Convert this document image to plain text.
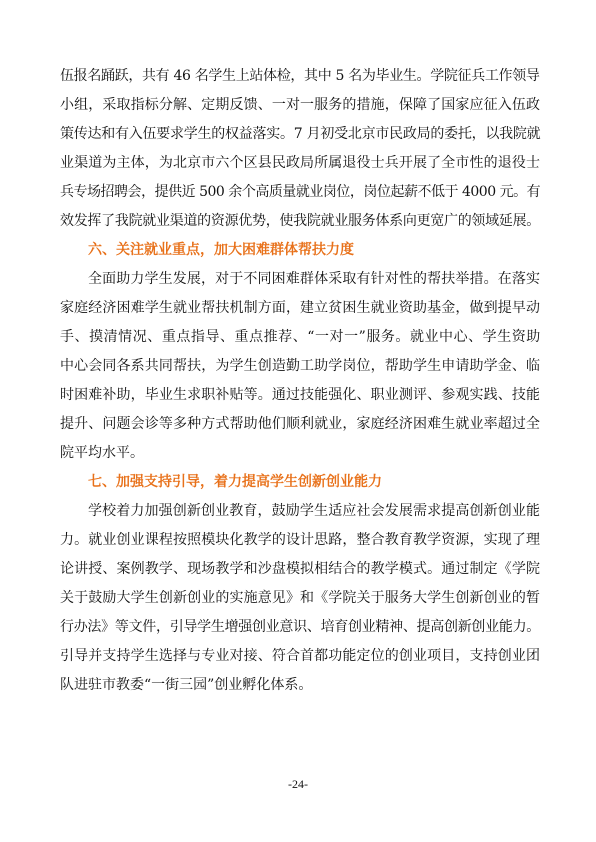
伍报名踊跃，共有 46 名学生上站体检，其中 5 名为毕业生。学院征兵工作领导
小组，采取指标分解、定期反馈、一对一服务的措施，保障了国家应征入伍政
策传达和有入伍要求学生的权益落实。7 月初受北京市民政局的委托，以我院就
业渠道为主体，为北京市六个区县民政局所属退役士兵开展了全市性的退役士
兵专场招聘会，提供近 500 余个高质量就业岗位，岗位起薪不低于 4000 元。有
效发挥了我院就业渠道的资源优势，使我院就业服务体系向更宽广的领域延展。

六、关注就业重点，加大困难群体帮扶力度

全面助力学生发展，对于不同困难群体采取有针对性的帮扶举措。在落实
家庭经济困难学生就业帮扶机制方面，建立贫困生就业资助基金，做到提早动
手、摸清情况、重点指导、重点推荐、“一对一”服务。就业中心、学生资助
中心会同各系共同帮扶，为学生创造勤工助学岗位，帮助学生申请助学金、临
时困难补助，毕业生求职补贴等。通过技能强化、职业测评、参观实践、技能
提升、问题会诊等多种方式帮助他们顺利就业，家庭经济困难生就业率超过全
院平均水平。

七、加强支持引导，着力提高学生创新创业能力

学校着力加强创新创业教育，鼓励学生适应社会发展需求提高创新创业能
力。就业创业课程按照模块化教学的设计思路，整合教育教学资源，实现了理
论讲授、案例教学、现场教学和沙盘模拟相结合的教学模式。通过制定《学院
关于鼓励大学生创新创业的实施意见》和《学院关于服务大学生创新创业的暂
行办法》等文件，引导学生增强创业意识、培育创业精神、提高创新创业能力。
引导并支持学生选择与专业对接、符合首都功能定位的创业项目，支持创业团
队进驻市教委“一街三园”创业孵化体系。

-24-
